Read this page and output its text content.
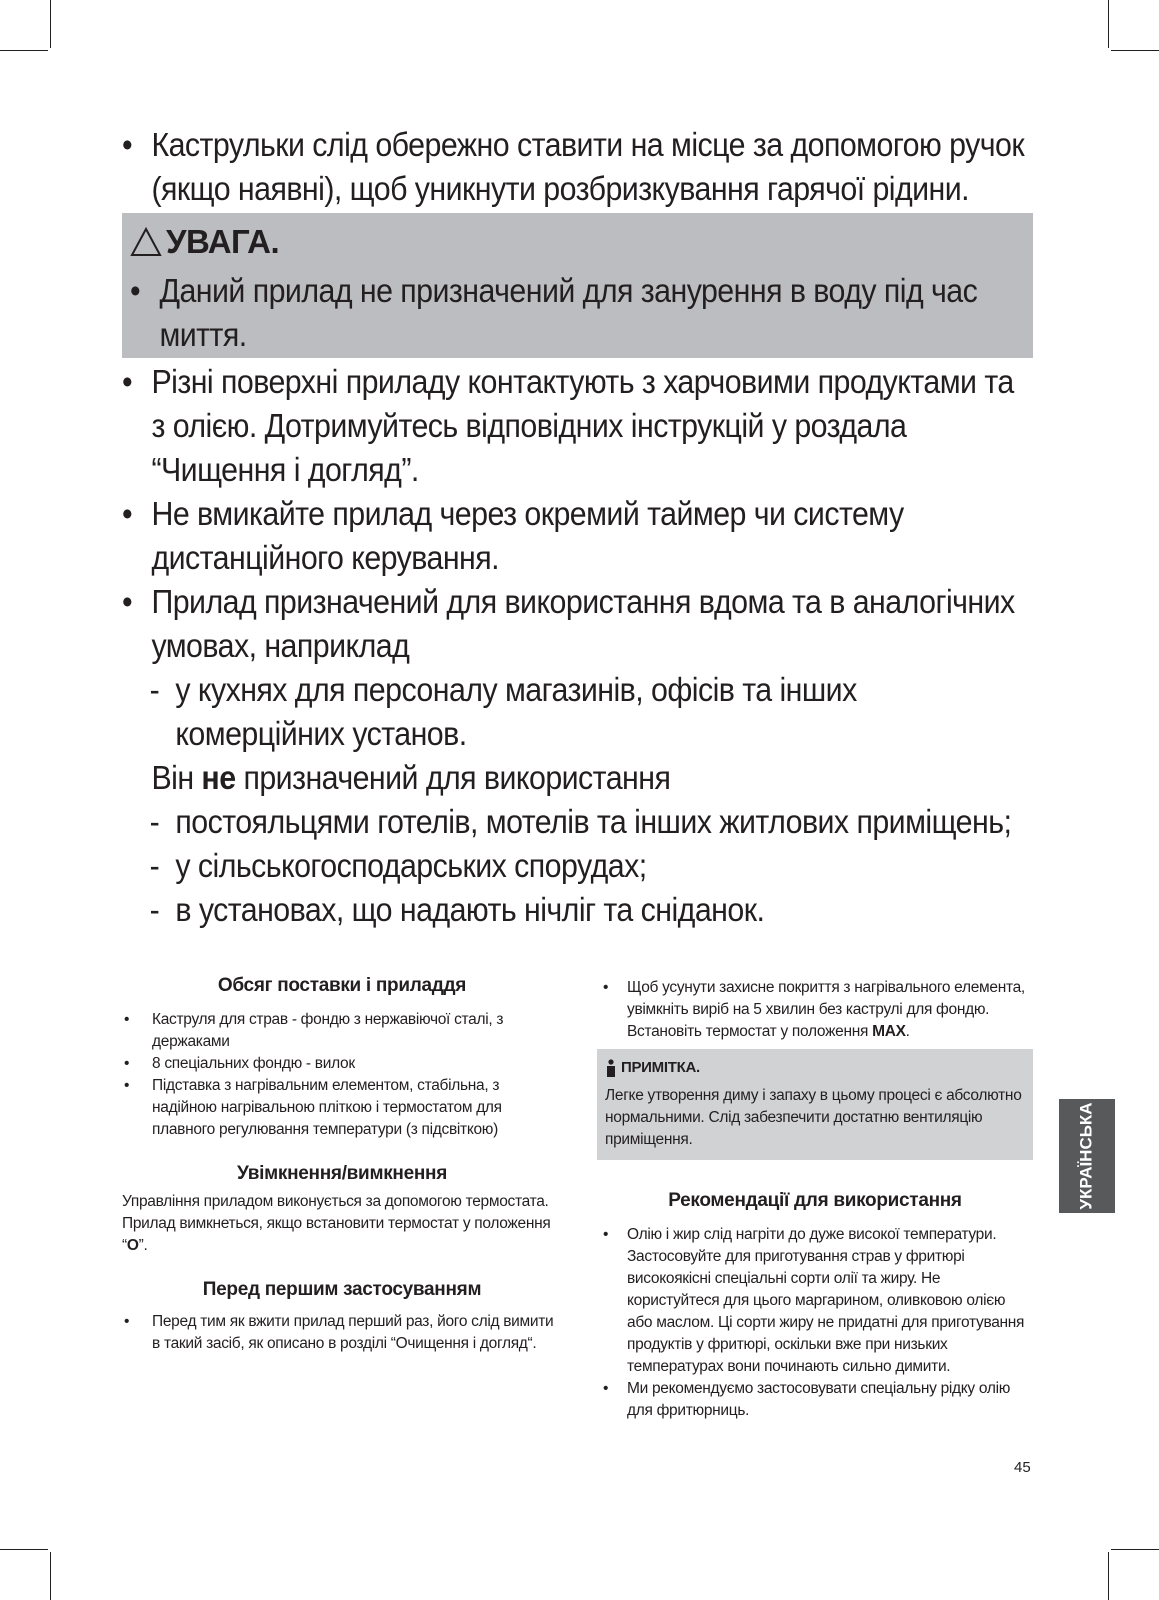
• Каструльки слід обережно ставити на місце за допомогою ручок (якщо наявні), щоб уникнути розбризкування гарячої рідини.
УВАГА.
• Даний прилад не призначений для занурення в воду під час миття.
• Різні поверхні приладу контактують з харчовими продуктами та з олією. Дотримуйтесь відповідних інструкцій у роздала “Чищення і догляд”.
• Не вмикайте прилад через окремий таймер чи систему дистанційного керування.
• Прилад призначений для використання вдома та в аналогічних умовах, наприклад
- у кухнях для персоналу магазинів, офісів та інших комерційних установ.
Він не призначений для використання
- постояльцями готелів, мотелів та інших житлових приміщень;
- у сільськогосподарських спорудах;
- в установах, що надають нічліг та сніданок.
Обсяг поставки і приладдя
• Каструля для страв - фондю з нержавіючої сталі, з держаками
• 8 спеціальних фондю - вилок
• Підставка з нагрівальним елементом, стабільна, з надійною нагрівальною пліткою і термостатом для плавного регулювання температури (з підсвіткою)
Увімкнення/вимкнення
Управління приладом виконується за допомогою термостата.
Прилад вимкнеться, якщо встановити термостат у положення “O”.
Перед першим застосуванням
• Перед тим як вжити прилад перший раз, його слід вимити в такий засіб, як описано в розділі “Очищення і догляд“.
• Щоб усунути захисне покриття з нагрівального елемента, увімкніть виріб на 5 хвилин без каструлі для фондю. Встановіть термостат у положення MAX.
ПРИМІТКА.
Легке утворення диму і запаху в цьому процесі є абсолютно нормальними. Слід забезпечити достатню вентиляцію приміщення.
Рекомендації для використання
• Олію і жир слід нагріти до дуже високої температури. Застосовуйте для приготування страв у фритюрі високоякісні спеціальні сорти олії та жиру. Не користуйтеся для цього маргарином, оливковою олією або маслом. Ці сорти жиру не придатні для приготування продуктів у фритюрі, оскільки вже при низьких температурах вони починають сильно димити.
• Ми рекомендуємо застосовувати спеціальну рідку олію для фритюрниць.
УКРАЇНСЬКА
45
